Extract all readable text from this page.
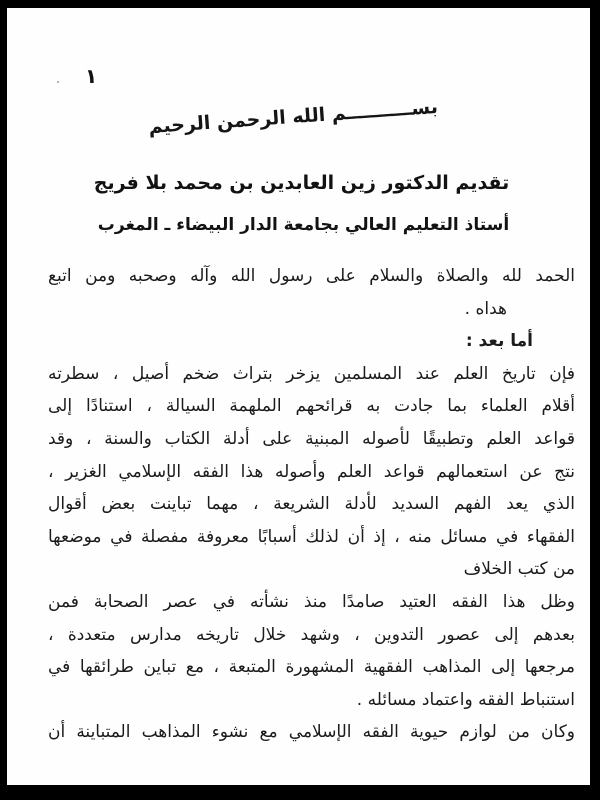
١
بســــــــــم الله الرحمن الرحيم
تقديم الدكتور زين العابدين بن محمد بلا فريج
أستاذ التعليم العالي بجامعة الدار البيضاء ـ المغرب
الحمد لله والصلاة والسلام على رسول الله وآله وصحبه ومن اتبع
هداه .
أما بعد :
فإن تاريخ العلم عند المسلمين يزخر بتراث ضخم أصيل ، سطرته
أقلام العلماء بما جادت به قرائحهم الملهمة السيالة ، استنادًا إلى
قواعد العلم وتطبيقًا لأصوله المبنية على أدلة الكتاب والسنة ، وقد
نتج عن استعمالهم قواعد العلم وأصوله هذا الفقه الإسلامي الغزير ،
الذي يعد الفهم السديد لأدلة الشريعة ، مهما تباينت بعض أقوال
الفقهاء في مسائل منه ، إذ أن لذلك أسبابًا معروفة مفصلة في موضعها
من كتب الخلاف
وظل هذا الفقه العتيد صامدًا منذ نشأته في عصر الصحابة فمن
بعدهم إلى عصور التدوين ، وشهد خلال تاريخه مدارس متعددة ،
مرجعها إلى المذاهب الفقهية المشهورة المتبعة ، مع تباين طرائقها في
استنباط الفقه واعتماد مسائله .
وكان من لوازم حيوية الفقه الإسلامي مع نشوء المذاهب المتباينة أن
